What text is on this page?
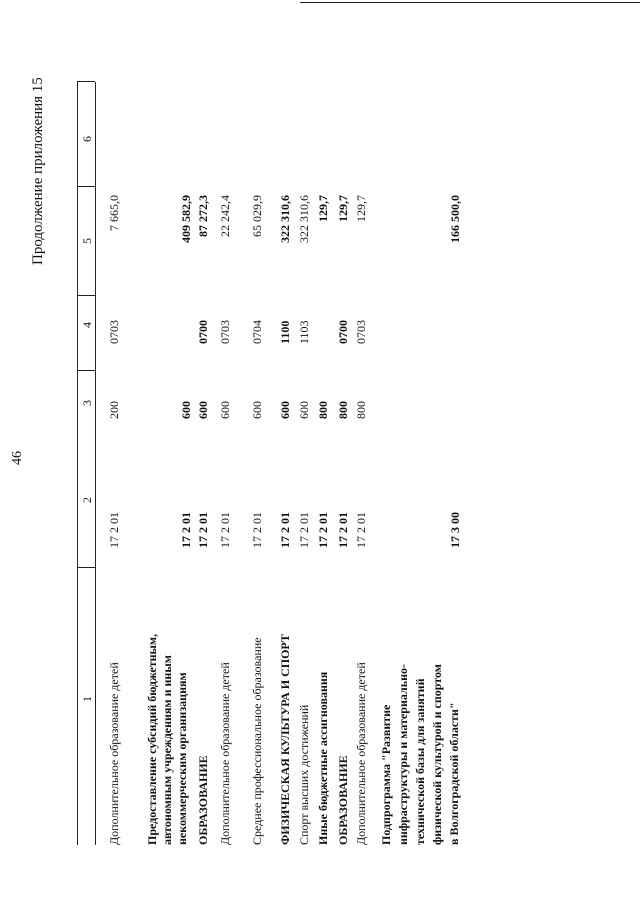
46
Продолжение приложения 15
1
2
3
4
5
6
Дополнительное образование детей
17 2 01
200
0703
7 665,0
Предоставление субсидий бюджетным, автономным учреждениям и иным некоммерческим организациям
17 2 01
600
409 582,9
ОБРАЗОВАНИЕ
17 2 01
600
0700
87 272,3
Дополнительное образование детей
17 2 01
600
0703
22 242,4
Среднее профессиональное образование
17 2 01
600
0704
65 029,9
ФИЗИЧЕСКАЯ КУЛЬТУРА И СПОРТ
17 2 01
600
1100
322 310,6
Спорт высших достижений
17 2 01
600
1103
322 310,6
Иные бюджетные ассигнования
17 2 01
800
129,7
ОБРАЗОВАНИЕ
17 2 01
800
0700
129,7
Дополнительное образование детей
17 2 01
800
0703
129,7
Подпрограмма "Развитие инфраструктуры и материально- технической базы для занятий физической культурой и спортом в Волгоградской области"
17 3 00
166 500,0
